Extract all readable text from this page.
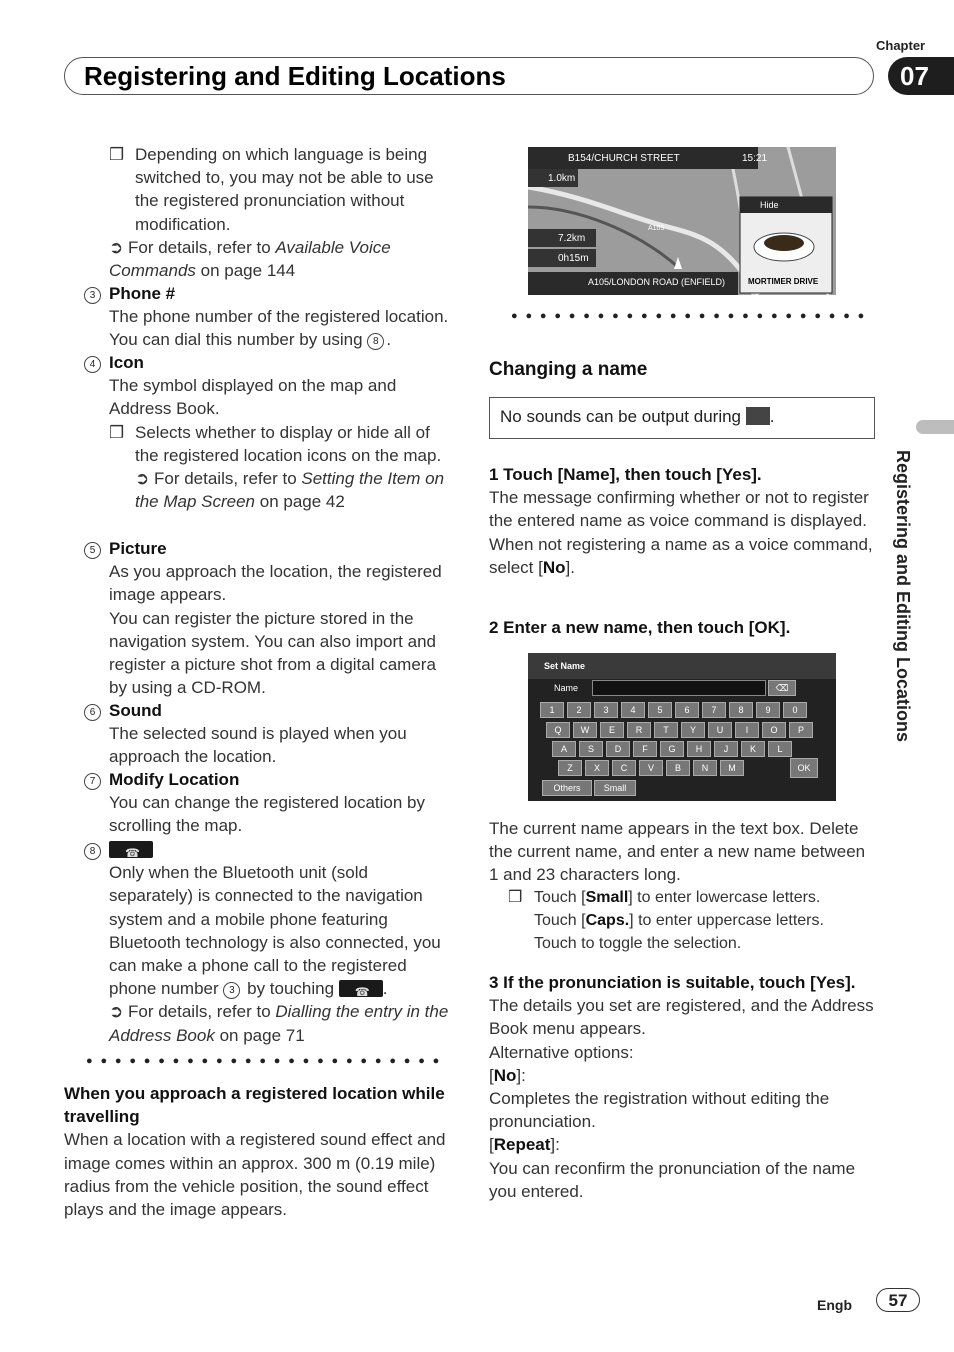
Chapter
Registering and Editing Locations	07
Registering and Editing Locations
❒ Depending on which language is being switched to, you may not be able to use the registered pronunciation without modification.
➲ For details, refer to Available Voice Commands on page 144
3 Phone #
The phone number of the registered location. You can dial this number by using 8 .
4 Icon
The symbol displayed on the map and Address Book.
❒ Selects whether to display or hide all of the registered location icons on the map.
➲ For details, refer to Setting the Item on the Map Screen on page 42
5 Picture
As you approach the location, the registered image appears.
You can register the picture stored in the navigation system. You can also import and register a picture shot from a digital camera by using a CD-ROM.
6 Sound
The selected sound is played when you approach the location.
7 Modify Location
You can change the registered location by scrolling the map.
8
☎
Only when the Bluetooth unit (sold separately) is connected to the navigation system and a mobile phone featuring Bluetooth technology is also connected, you can make a phone call to the registered phone number 3 by touching ☎	.
➲ For details, refer to Dialling the entry in the Address Book on page 71
●●●●●●●●●●●●●●●●●●●●●●●●●
When you approach a registered location while travelling
When a location with a registered sound effect and image comes within an approx. 300 m (0.19 mile) radius from the vehicle position, the sound effect plays and the image appears.
B154/CHURCH STREET	15:21
1.0km
7.2km
0h15m
A105
A105/LONDON ROAD (ENFIELD)
Hide
MORTIMER DRIVE
●●●●●●●●●●●●●●●●●●●●●●●●●
Changing a name
No sounds can be output during .
1 Touch [Name], then touch [Yes].
The message confirming whether or not to register the entered name as voice command is displayed.
When not registering a name as a voice command, select [No].
2 Enter a new name, then touch [OK].
Set Name
Name	⌫
OK
Others	Small
1	2	3	4	5	6	7	8	9	0
Q	W	E	R	T	Y	U	I	O	P
A	S	D	F	G	H	J	K	L
Z	X	C	V	B	N	M
The current name appears in the text box. Delete the current name, and enter a new name between 1 and 23 characters long.
❒ Touch [Small] to enter lowercase letters.
Touch [Caps.] to enter uppercase letters.
Touch to toggle the selection.
3 If the pronunciation is suitable, touch [Yes].
The details you set are registered, and the Address Book menu appears.
Alternative options:
[No]:
Completes the registration without editing the pronunciation.
[Repeat]:
You can reconfirm the pronunciation of the name you entered.
Engb	57
